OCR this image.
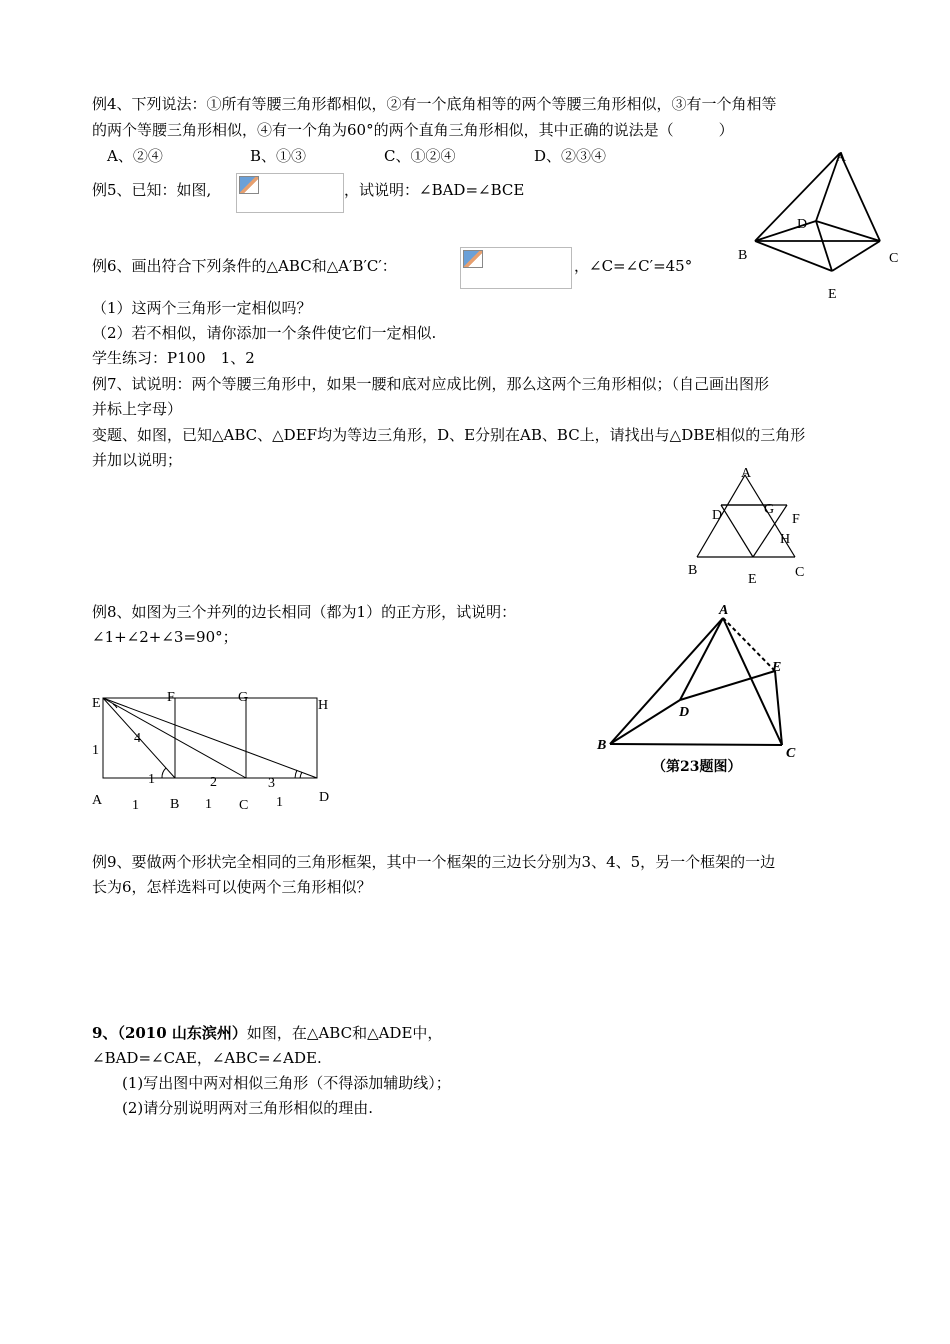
例4、下列说法：①所有等腰三角形都相似，②有一个底角相等的两个等腰三角形相似，③有一个角相等
的两个等腰三角形相似，④有一个角为60°的两个直角三角形相似，其中正确的说法是（　　　）
A、②④	B、①③	C、①②④	D、②③④
例5、已知：如图,	，试说明：∠BAD=∠BCE
A
D
B	C
E
例6、画出符合下列条件的△ABC和△A′B′C′：	，∠C=∠C′=45°
（1）这两个三角形一定相似吗？
（2）若不相似，请你添加一个条件使它们一定相似.
学生练习：P100　1、2
例7、试说明：两个等腰三角形中，如果一腰和底对应成比例，那么这两个三角形相似；（自己画出图形
并标上字母）
变题、如图，已知△ABC、△DEF均为等边三角形，D、E分别在AB、BC上，请找出与△DBE相似的三角形
并加以说明；
A
D	G
F
H
B
E	C
例8、如图为三个并列的边长相同（都为1）的正方形，试说明：
∠1+∠2+∠3=90°；
E	F	G
H
1
4
1	2	3
A 1 B 1 C 1	D
A
E
D
B
C
（第23题图）
例9、要做两个形状完全相同的三角形框架，其中一个框架的三边长分别为3、4、5，另一个框架的一边
长为6，怎样选料可以使两个三角形相似？
9、（2010 山东滨州）如图，在△ABC和△ADE中，
∠BAD=∠CAE，∠ABC=∠ADE.
(1)写出图中两对相似三角形（不得添加辅助线）；
(2)请分别说明两对三角形相似的理由.
